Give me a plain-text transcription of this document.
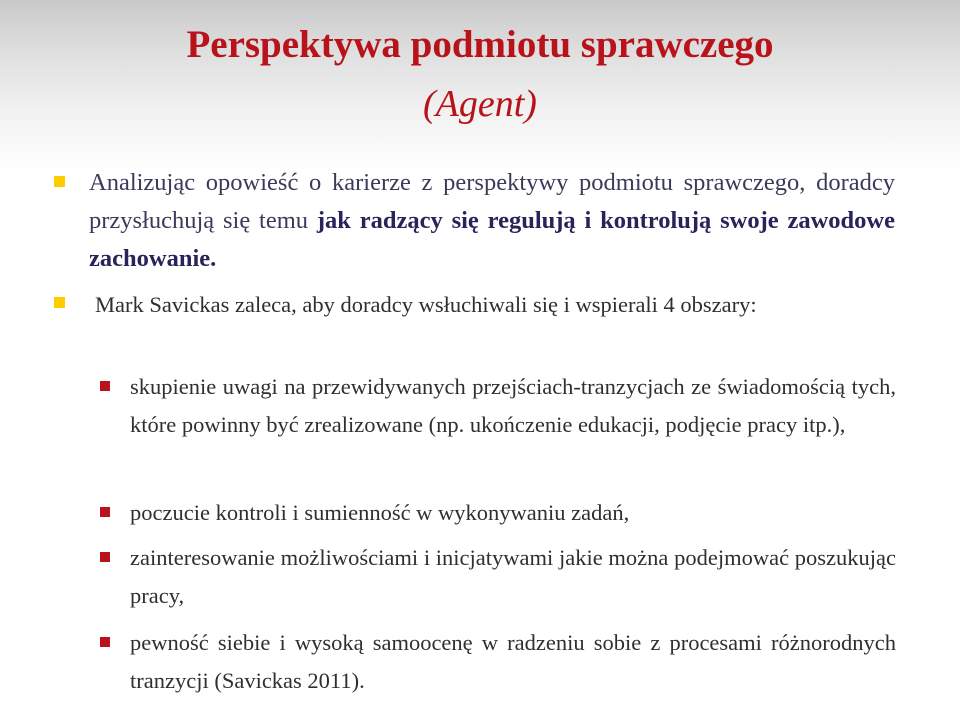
Perspektywa podmiotu sprawczego
(Agent)

Analizując opowieść o karierze z perspektywy podmiotu sprawczego, doradcy przysłuchują się temu jak radzący się regulują i kontrolują swoje zawodowe zachowanie.

Mark Savickas zaleca, aby doradcy wsłuchiwali się i wspierali 4 obszary:

skupienie uwagi na przewidywanych przejściach-tranzycjach ze świadomością tych, które powinny być zrealizowane (np. ukończenie edukacji, podjęcie pracy itp.),

poczucie kontroli i sumienność w wykonywaniu zadań,

zainteresowanie możliwościami i inicjatywami jakie można podejmować poszukując pracy,

pewność siebie i wysoką samoocenę w radzeniu sobie z procesami różnorodnych tranzycji (Savickas 2011).
